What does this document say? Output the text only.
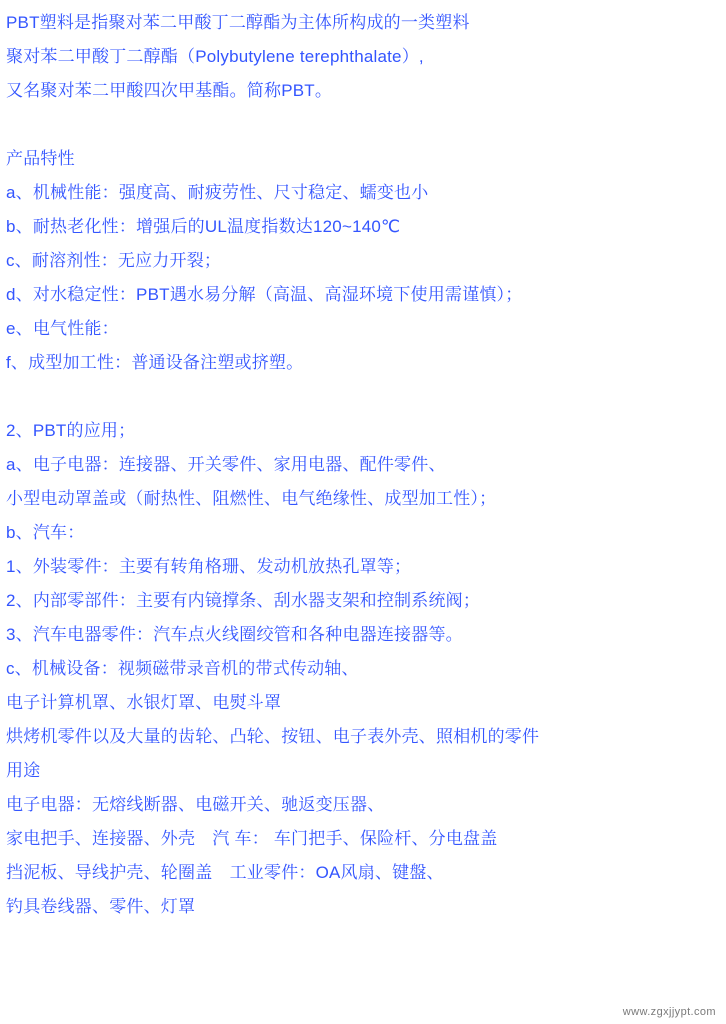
PBT塑料是指聚对苯二甲酸丁二醇酯为主体所构成的一类塑料
聚对苯二甲酸丁二醇酯（Polybutylene terephthalate）,
又名聚对苯二甲酸四次甲基酯。简称PBT。
产品特性
a、机械性能：强度高、耐疲劳性、尺寸稳定、蠕变也小
b、耐热老化性：增强后的UL温度指数达120~140℃
c、耐溶剂性：无应力开裂；
d、对水稳定性：PBT遇水易分解（高温、高湿环境下使用需谨慎）；
e、电气性能：
f、成型加工性：普通设备注塑或挤塑。
2、PBT的应用；
a、电子电器：连接器、开关零件、家用电器、配件零件、
小型电动罩盖或（耐热性、阻燃性、电气绝缘性、成型加工性）；
b、汽车：
1、外装零件：主要有转角格珊、发动机放热孔罩等；
2、内部零部件：主要有内镜撑条、刮水器支架和控制系统阀；
3、汽车电器零件：汽车点火线圈绞管和各种电器连接器等。
c、机械设备：视频磁带录音机的带式传动轴、
电子计算机罩、水银灯罩、电熨斗罩
烘烤机零件以及大量的齿轮、凸轮、按钮、电子表外壳、照相机的零件
用途
电子电器：无熔线断器、电磁开关、驰返变压器、
家电把手、连接器、外壳　汽 车： 车门把手、保险杆、分电盘盖
挡泥板、导线护壳、轮圈盖　工业零件：OA风扇、键盤、
钓具卷线器、零件、灯罩
www.zgxjjypt.com
